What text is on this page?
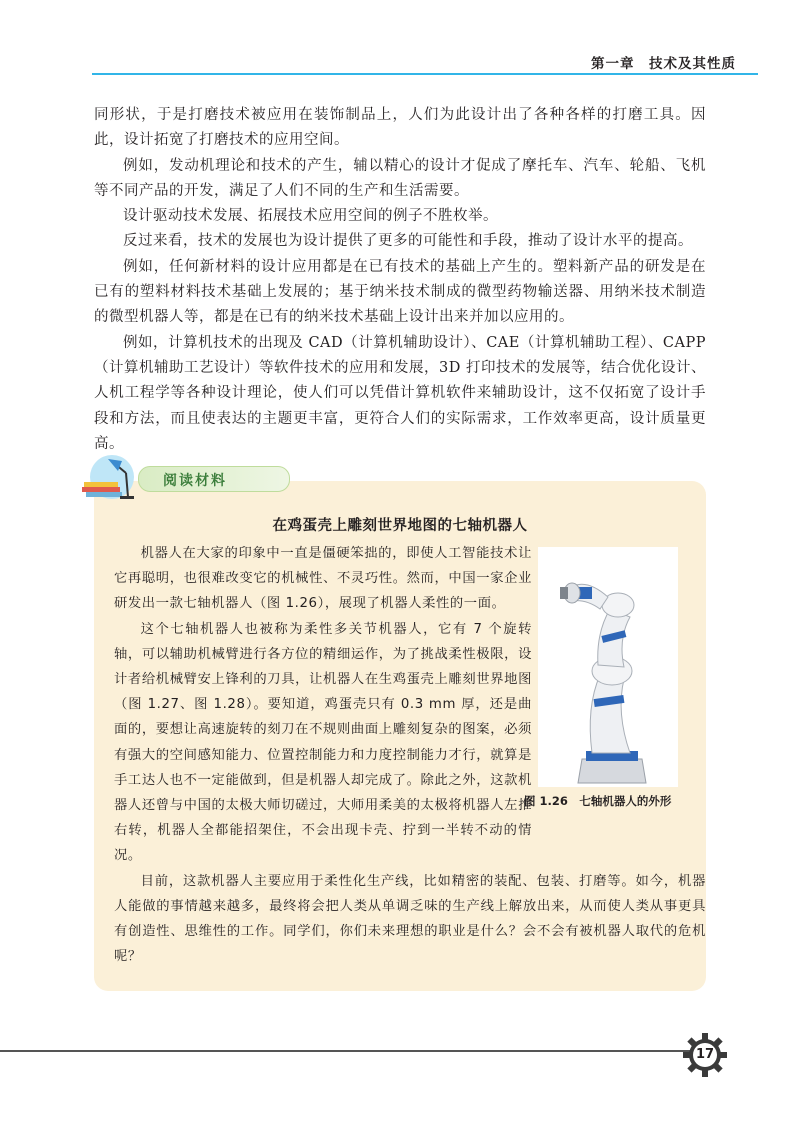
第一章　技术及其性质

同形状，于是打磨技术被应用在装饰制品上，人们为此设计出了各种各样的打磨工具。因此，设计拓宽了打磨技术的应用空间。

例如，发动机理论和技术的产生，辅以精心的设计才促成了摩托车、汽车、轮船、飞机等不同产品的开发，满足了人们不同的生产和生活需要。

设计驱动技术发展、拓展技术应用空间的例子不胜枚举。

反过来看，技术的发展也为设计提供了更多的可能性和手段，推动了设计水平的提高。

例如，任何新材料的设计应用都是在已有技术的基础上产生的。塑料新产品的研发是在已有的塑料材料技术基础上发展的；基于纳米技术制成的微型药物输送器、用纳米技术制造的微型机器人等，都是在已有的纳米技术基础上设计出来并加以应用的。

例如，计算机技术的出现及 CAD（计算机辅助设计）、CAE（计算机辅助工程）、CAPP（计算机辅助工艺设计）等软件技术的应用和发展，3D 打印技术的发展等，结合优化设计、人机工程学等各种设计理论，使人们可以凭借计算机软件来辅助设计，这不仅拓宽了设计手段和方法，而且使表达的主题更丰富，更符合人们的实际需求，工作效率更高，设计质量更高。

阅读材料
在鸡蛋壳上雕刻世界地图的七轴机器人

机器人在大家的印象中一直是僵硬笨拙的，即使人工智能技术让它再聪明，也很难改变它的机械性、不灵巧性。然而，中国一家企业研发出一款七轴机器人（图 1.26），展现了机器人柔性的一面。

这个七轴机器人也被称为柔性多关节机器人，它有 7 个旋转轴，可以辅助机械臂进行各方位的精细运作，为了挑战柔性极限，设计者给机械臂安上锋利的刀具，让机器人在生鸡蛋壳上雕刻世界地图（图 1.27、图 1.28）。要知道，鸡蛋壳只有 0.3 mm 厚，还是曲面的，要想让高速旋转的刻刀在不规则曲面上雕刻复杂的图案，必须有强大的空间感知能力、位置控制能力和力度控制能力才行，就算是手工达人也不一定能做到，但是机器人却完成了。除此之外，这款机器人还曾与中国的太极大师切磋过，大师用柔美的太极将机器人左推右转，机器人全都能招架住，不会出现卡壳、拧到一半转不动的情况。

目前，这款机器人主要应用于柔性化生产线，比如精密的装配、包装、打磨等。如今，机器人能做的事情越来越多，最终将会把人类从单调乏味的生产线上解放出来，从而使人类从事更具有创造性、思维性的工作。同学们，你们未来理想的职业是什么？会不会有被机器人取代的危机呢？

图 1.26　七轴机器人的外形
17
